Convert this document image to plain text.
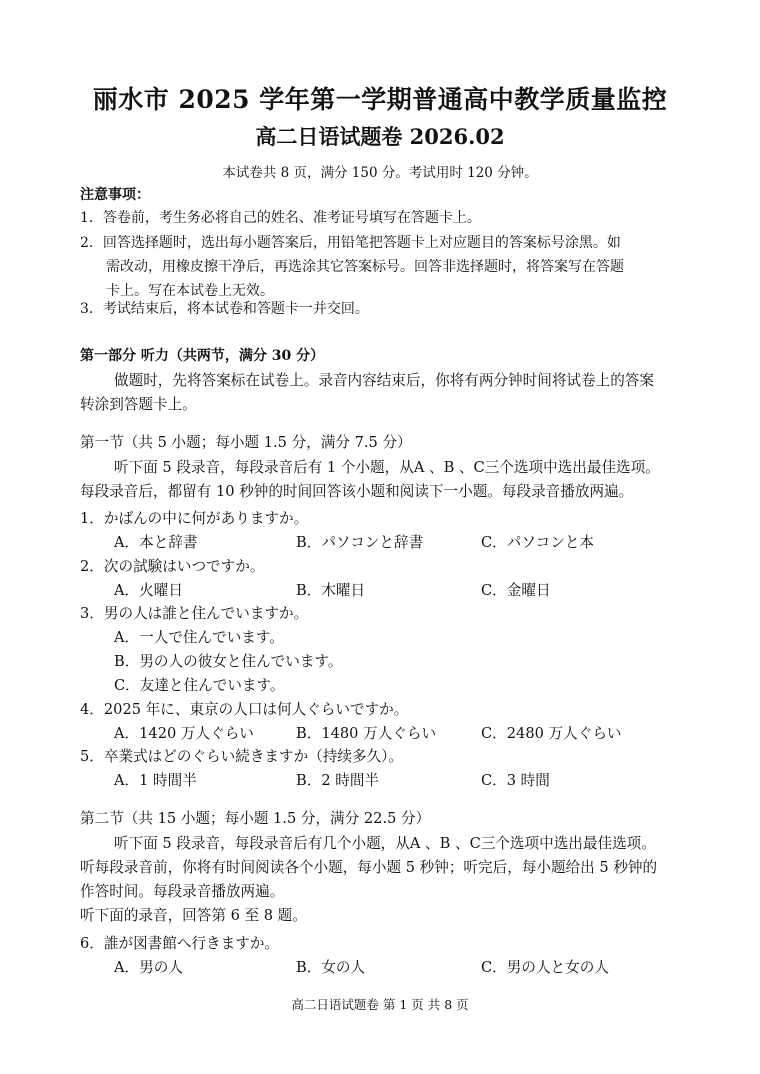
丽水市 2025 学年第一学期普通高中教学质量监控
高二日语试题卷 2026.02
本试卷共 8 页，满分 150 分。考试用时 120 分钟。
注意事项：
1．答卷前，考生务必将自己的姓名、准考证号填写在答题卡上。
2．回答选择题时，选出每小题答案后，用铅笔把答题卡上对应题目的答案标号涂黑。如
需改动，用橡皮擦干净后，再选涂其它答案标号。回答非选择题时，将答案写在答题
卡上。写在本试卷上无效。
3．考试结束后，将本试卷和答题卡一并交回。
第一部分 听力（共两节，满分 30 分）
做题时，先将答案标在试卷上。录音内容结束后，你将有两分钟时间将试卷上的答案
转涂到答题卡上。
第一节（共 5 小题；每小题 1.5 分，满分 7.5 分）
听下面 5 段录音，每段录音后有 1 个小题，从A 、B 、C三个选项中选出最佳选项。
每段录音后，都留有 10 秒钟的时间回答该小题和阅读下一小题。每段录音播放两遍。
1．かばんの中に何がありますか。
A．本と辞書	B．パソコンと辞書	C．パソコンと本
2．次の試験はいつですか。
A．火曜日	B．木曜日	C．金曜日
3．男の人は誰と住んでいますか。
A．一人で住んでいます。
B．男の人の彼女と住んでいます。
C．友達と住んでいます。
4．2025 年に、東京の人口は何人ぐらいですか。
A．1420 万人ぐらい	B．1480 万人ぐらい	C．2480 万人ぐらい
5．卒業式はどのぐらい続きますか（持续多久）。
A．1 時間半	B．2 時間半	C．3 時間
第二节（共 15 小题；每小题 1.5 分，满分 22.5 分）
听下面 5 段录音，每段录音后有几个小题，从A 、B 、C三个选项中选出最佳选项。
听每段录音前，你将有时间阅读各个小题，每小题 5 秒钟；听完后，每小题给出 5 秒钟的
作答时间。每段录音播放两遍。
听下面的录音，回答第 6 至 8 题。
6．誰が図書館へ行きますか。
A．男の人	B．女の人	C．男の人と女の人
高二日语试题卷 第 1 页 共 8 页
